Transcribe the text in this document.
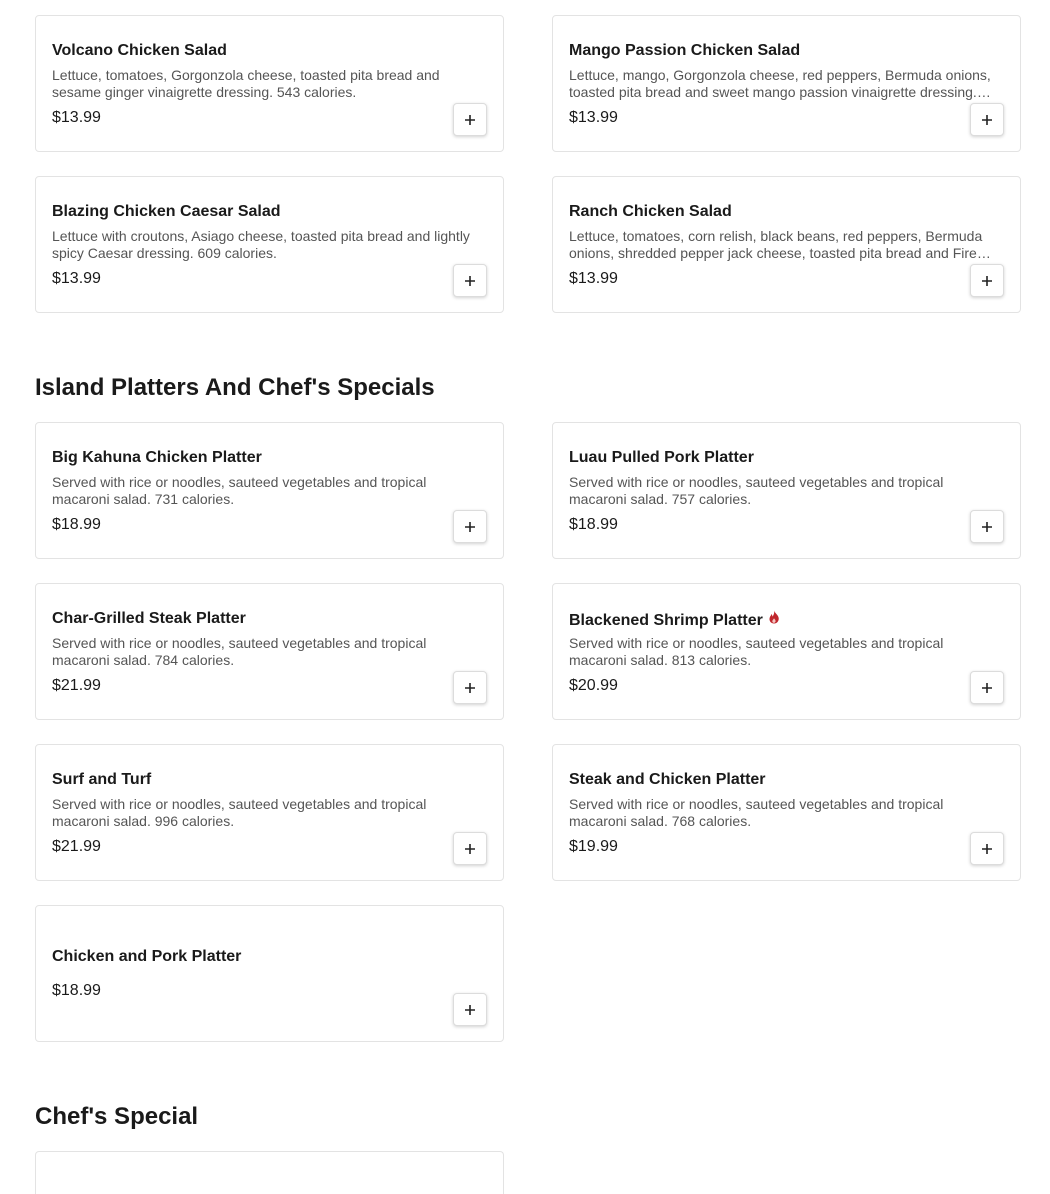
Volcano Chicken Salad
Lettuce, tomatoes, Gorgonzola cheese, toasted pita bread and sesame ginger vinaigrette dressing. 543 calories.
$13.99
Mango Passion Chicken Salad
Lettuce, mango, Gorgonzola cheese, red peppers, Bermuda onions, toasted pita bread and sweet mango passion vinaigrette dressing.
$13.99
Blazing Chicken Caesar Salad
Lettuce with croutons, Asiago cheese, toasted pita bread and lightly spicy Caesar dressing. 609 calories.
$13.99
Ranch Chicken Salad
Lettuce, tomatoes, corn relish, black beans, red peppers, Bermuda onions, shredded pepper jack cheese, toasted pita bread and Fire
$13.99
Island Platters And Chef's Specials
Big Kahuna Chicken Platter
Served with rice or noodles, sauteed vegetables and tropical macaroni salad. 731 calories.
$18.99
Luau Pulled Pork Platter
Served with rice or noodles, sauteed vegetables and tropical macaroni salad. 757 calories.
$18.99
Char-Grilled Steak Platter
Served with rice or noodles, sauteed vegetables and tropical macaroni salad. 784 calories.
$21.99
Blackened Shrimp Platter
Served with rice or noodles, sauteed vegetables and tropical macaroni salad. 813 calories.
$20.99
Surf and Turf
Served with rice or noodles, sauteed vegetables and tropical macaroni salad. 996 calories.
$21.99
Steak and Chicken Platter
Served with rice or noodles, sauteed vegetables and tropical macaroni salad. 768 calories.
$19.99
Chicken and Pork Platter
$18.99
Chef's Special
